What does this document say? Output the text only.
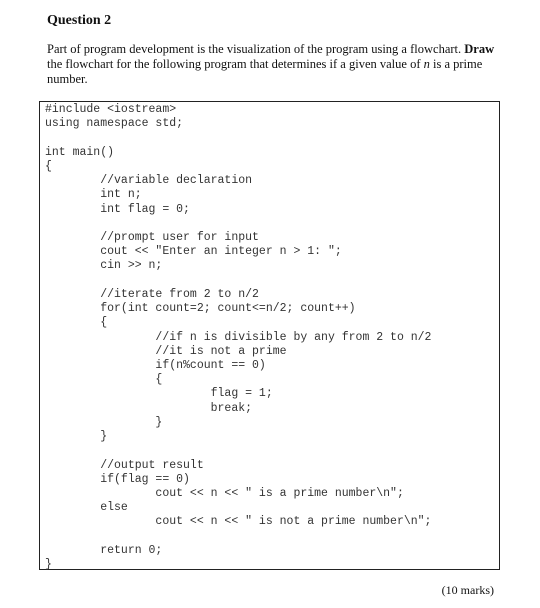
Question 2

Part of program development is the visualization of the program using a flowchart. Draw the flowchart for the following program that determines if a given value of n is a prime number.

#include <iostream>
using namespace std;
int main()
{
//variable declaration
int n;
int flag = 0;
//prompt user for input
cout << "Enter an integer n > 1: ";
cin >> n;
//iterate from 2 to n/2
for(int count=2; count<=n/2; count++)
{
//if n is divisible by any from 2 to n/2
//it is not a prime
if(n%count == 0)
{
flag = 1;
break;
}
}
//output result
if(flag == 0)
cout << n << " is a prime number\n";
else
cout << n << " is not a prime number\n";
return 0;
}

(10 marks)
